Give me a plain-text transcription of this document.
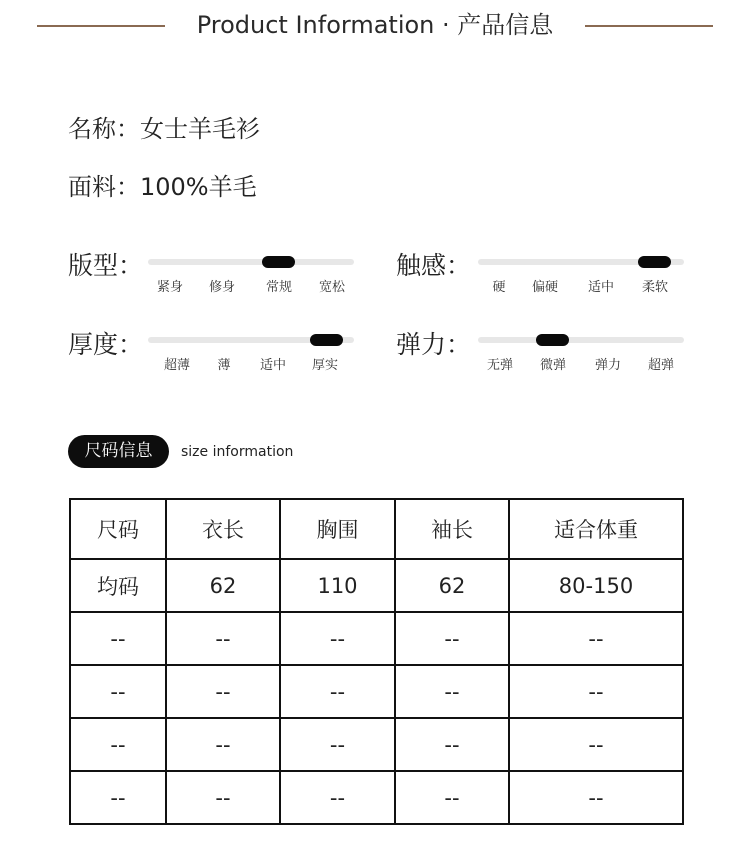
Product Information · 产品信息
名称：女士羊毛衫
面料：100%羊毛
版型：
紧身	修身	常规	宽松
触感：
硬	偏硬	适中	柔软
厚度：
超薄	薄	适中	厚实
弹力：
无弹	微弹	弹力	超弹
尺码信息	size information
尺码	衣长	胸围	袖长	适合体重
均码	62	110	62	80-150
--	--	--	--	--
--	--	--	--	--
--	--	--	--	--
--	--	--	--	--
